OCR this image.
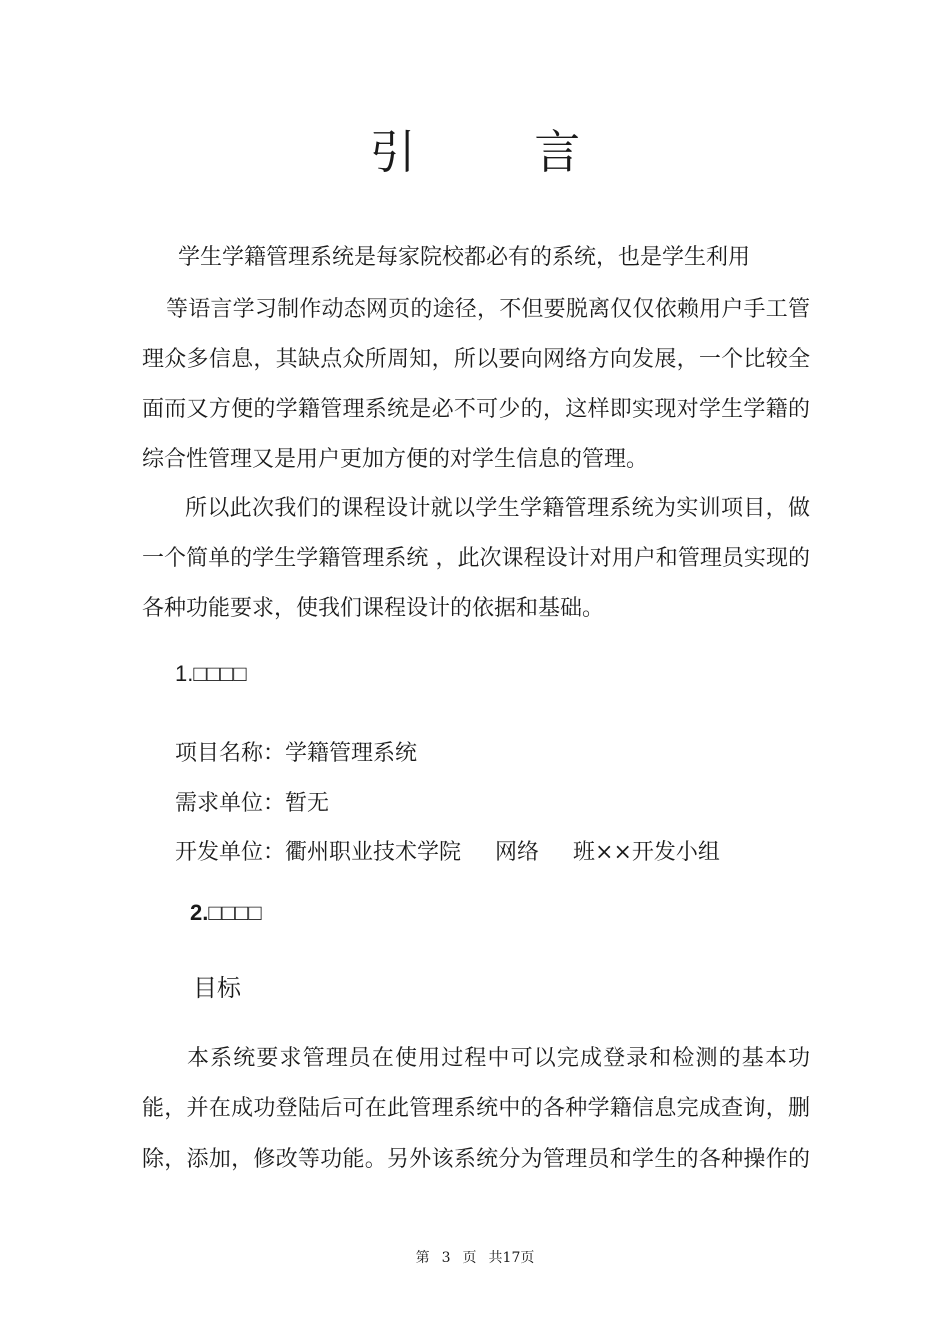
引 言
学生学籍管理系统是每家院校都必有的系统，也是学生利用
等语言学习制作动态网页的途径，不但要脱离仅仅依赖用户手工管
理众多信息，其缺点众所周知，所以要向网络方向发展，一个比较全
面而又方便的学籍管理系统是必不可少的，这样即实现对学生学籍的
综合性管理又是用户更加方便的对学生信息的管理。
所以此次我们的课程设计就以学生学籍管理系统为实训项目，做
一个简单的学生学籍管理系统 ，此次课程设计对用户和管理员实现的
各种功能要求，使我们课程设计的依据和基础。
1.□□□□
项目名称：学籍管理系统
需求单位：暂无
开发单位：衢州职业技术学院 网络 班××开发小组
2.□□□□
目标
本系统要求管理员在使用过程中可以完成登录和检测的基本功
能，并在成功登陆后可在此管理系统中的各种学籍信息完成查询，删
除，添加，修改等功能。另外该系统分为管理员和学生的各种操作的
第 3 页 共17页
